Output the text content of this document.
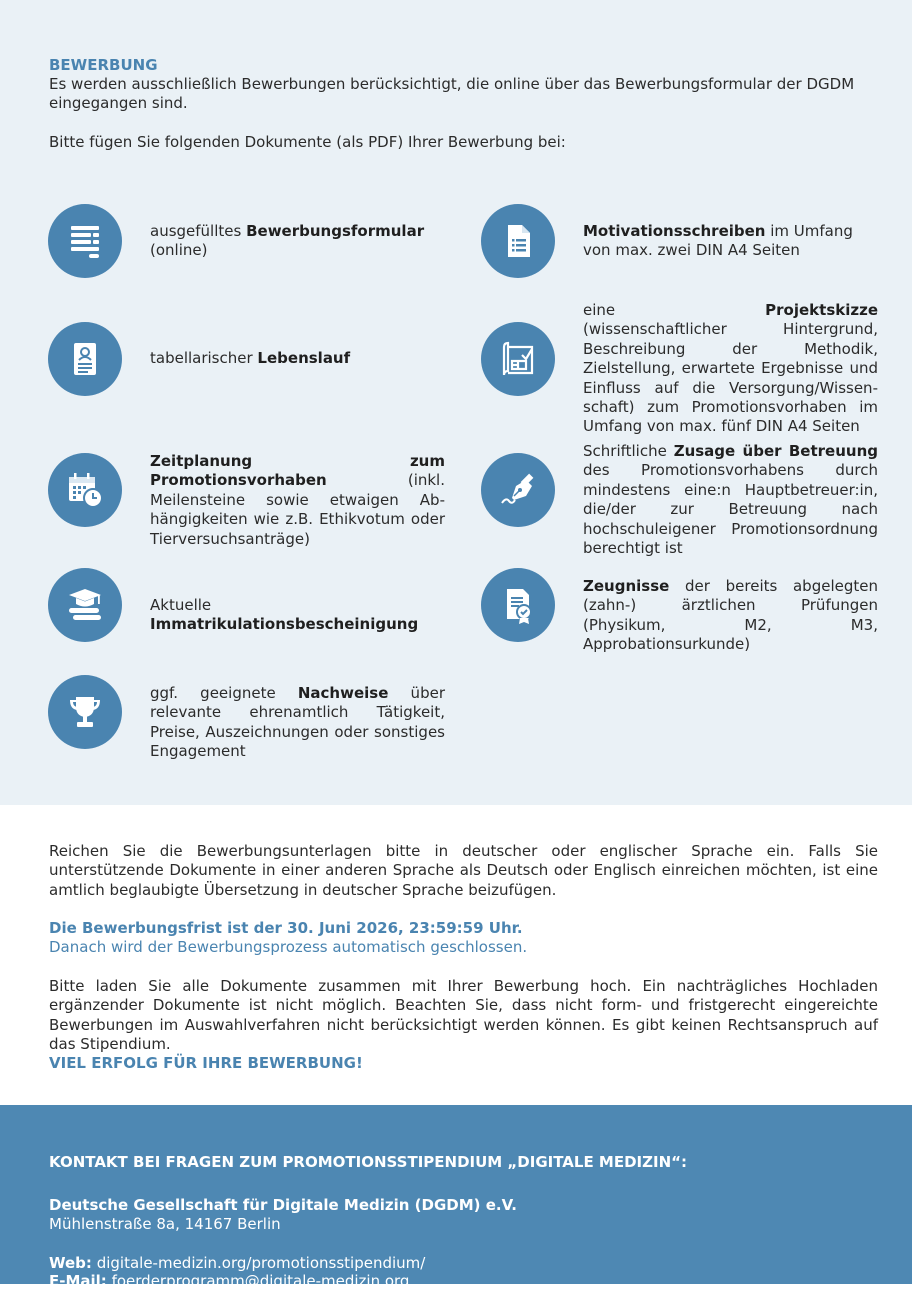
BEWERBUNG
Es werden ausschließlich Bewerbungen berücksichtigt, die online über das Bewerbungsformular der DGDM eingegangen sind.
Bitte fügen Sie folgenden Dokumente (als PDF) Ihrer Bewerbung bei:
ausgefülltes Bewerbungsformular (online)
Motivationsschreiben im Umfang von max. zwei DIN A4 Seiten
tabellarischer Lebenslauf
eine Projektskizze (wissenschaftlicher Hintergrund, Beschreibung der Methodik, Zielstellung, erwartete Ergebnisse und Einfluss auf die Versorgung/Wissenschaft) zum Promotionsvorhaben im Umfang von max. fünf DIN A4 Seiten
Zeitplanung zum Promotionsvorhaben (inkl. Meilensteine sowie etwaigen Abhängigkeiten wie z.B. Ethikvotum oder Tierversuchsanträge)
Schriftliche Zusage über Betreuung des Promotionsvorhabens durch mindestens eine:n Hauptbetreuer:in, die/der zur Betreuung nach hochschuleigener Promotionsordnung berechtigt ist
Aktuelle Immatrikulationsbescheinigung
Zeugnisse der bereits abgelegten (zahn-) ärztlichen Prüfungen (Physikum, M2, M3, Approbationsurkunde)
ggf. geeignete Nachweise über relevante ehrenamtlich Tätigkeit, Preise, Auszeichnungen oder sonstiges Engagement
Reichen Sie die Bewerbungsunterlagen bitte in deutscher oder englischer Sprache ein. Falls Sie unterstützende Dokumente in einer anderen Sprache als Deutsch oder Englisch einreichen möchten, ist eine amtlich beglaubigte Übersetzung in deutscher Sprache beizufügen.
Die Bewerbungsfrist ist der 30. Juni 2026, 23:59:59 Uhr.
Danach wird der Bewerbungsprozess automatisch geschlossen.
Bitte laden Sie alle Dokumente zusammen mit Ihrer Bewerbung hoch. Ein nachträgliches Hochladen ergänzender Dokumente ist nicht möglich. Beachten Sie, dass nicht form- und fristgerecht eingereichte Bewerbungen im Auswahlverfahren nicht berücksichtigt werden können. Es gibt keinen Rechtsanspruch auf das Stipendium.
VIEL ERFOLG FÜR IHRE BEWERBUNG!
KONTAKT BEI FRAGEN ZUM PROMOTIONSSTIPENDIUM „DIGITALE MEDIZIN“:
Deutsche Gesellschaft für Digitale Medizin (DGDM) e.V.
Mühlenstraße 8a, 14167 Berlin
Web: digitale-medizin.org/promotionsstipendium/
E-Mail: foerderprogramm@digitale-medizin.org
